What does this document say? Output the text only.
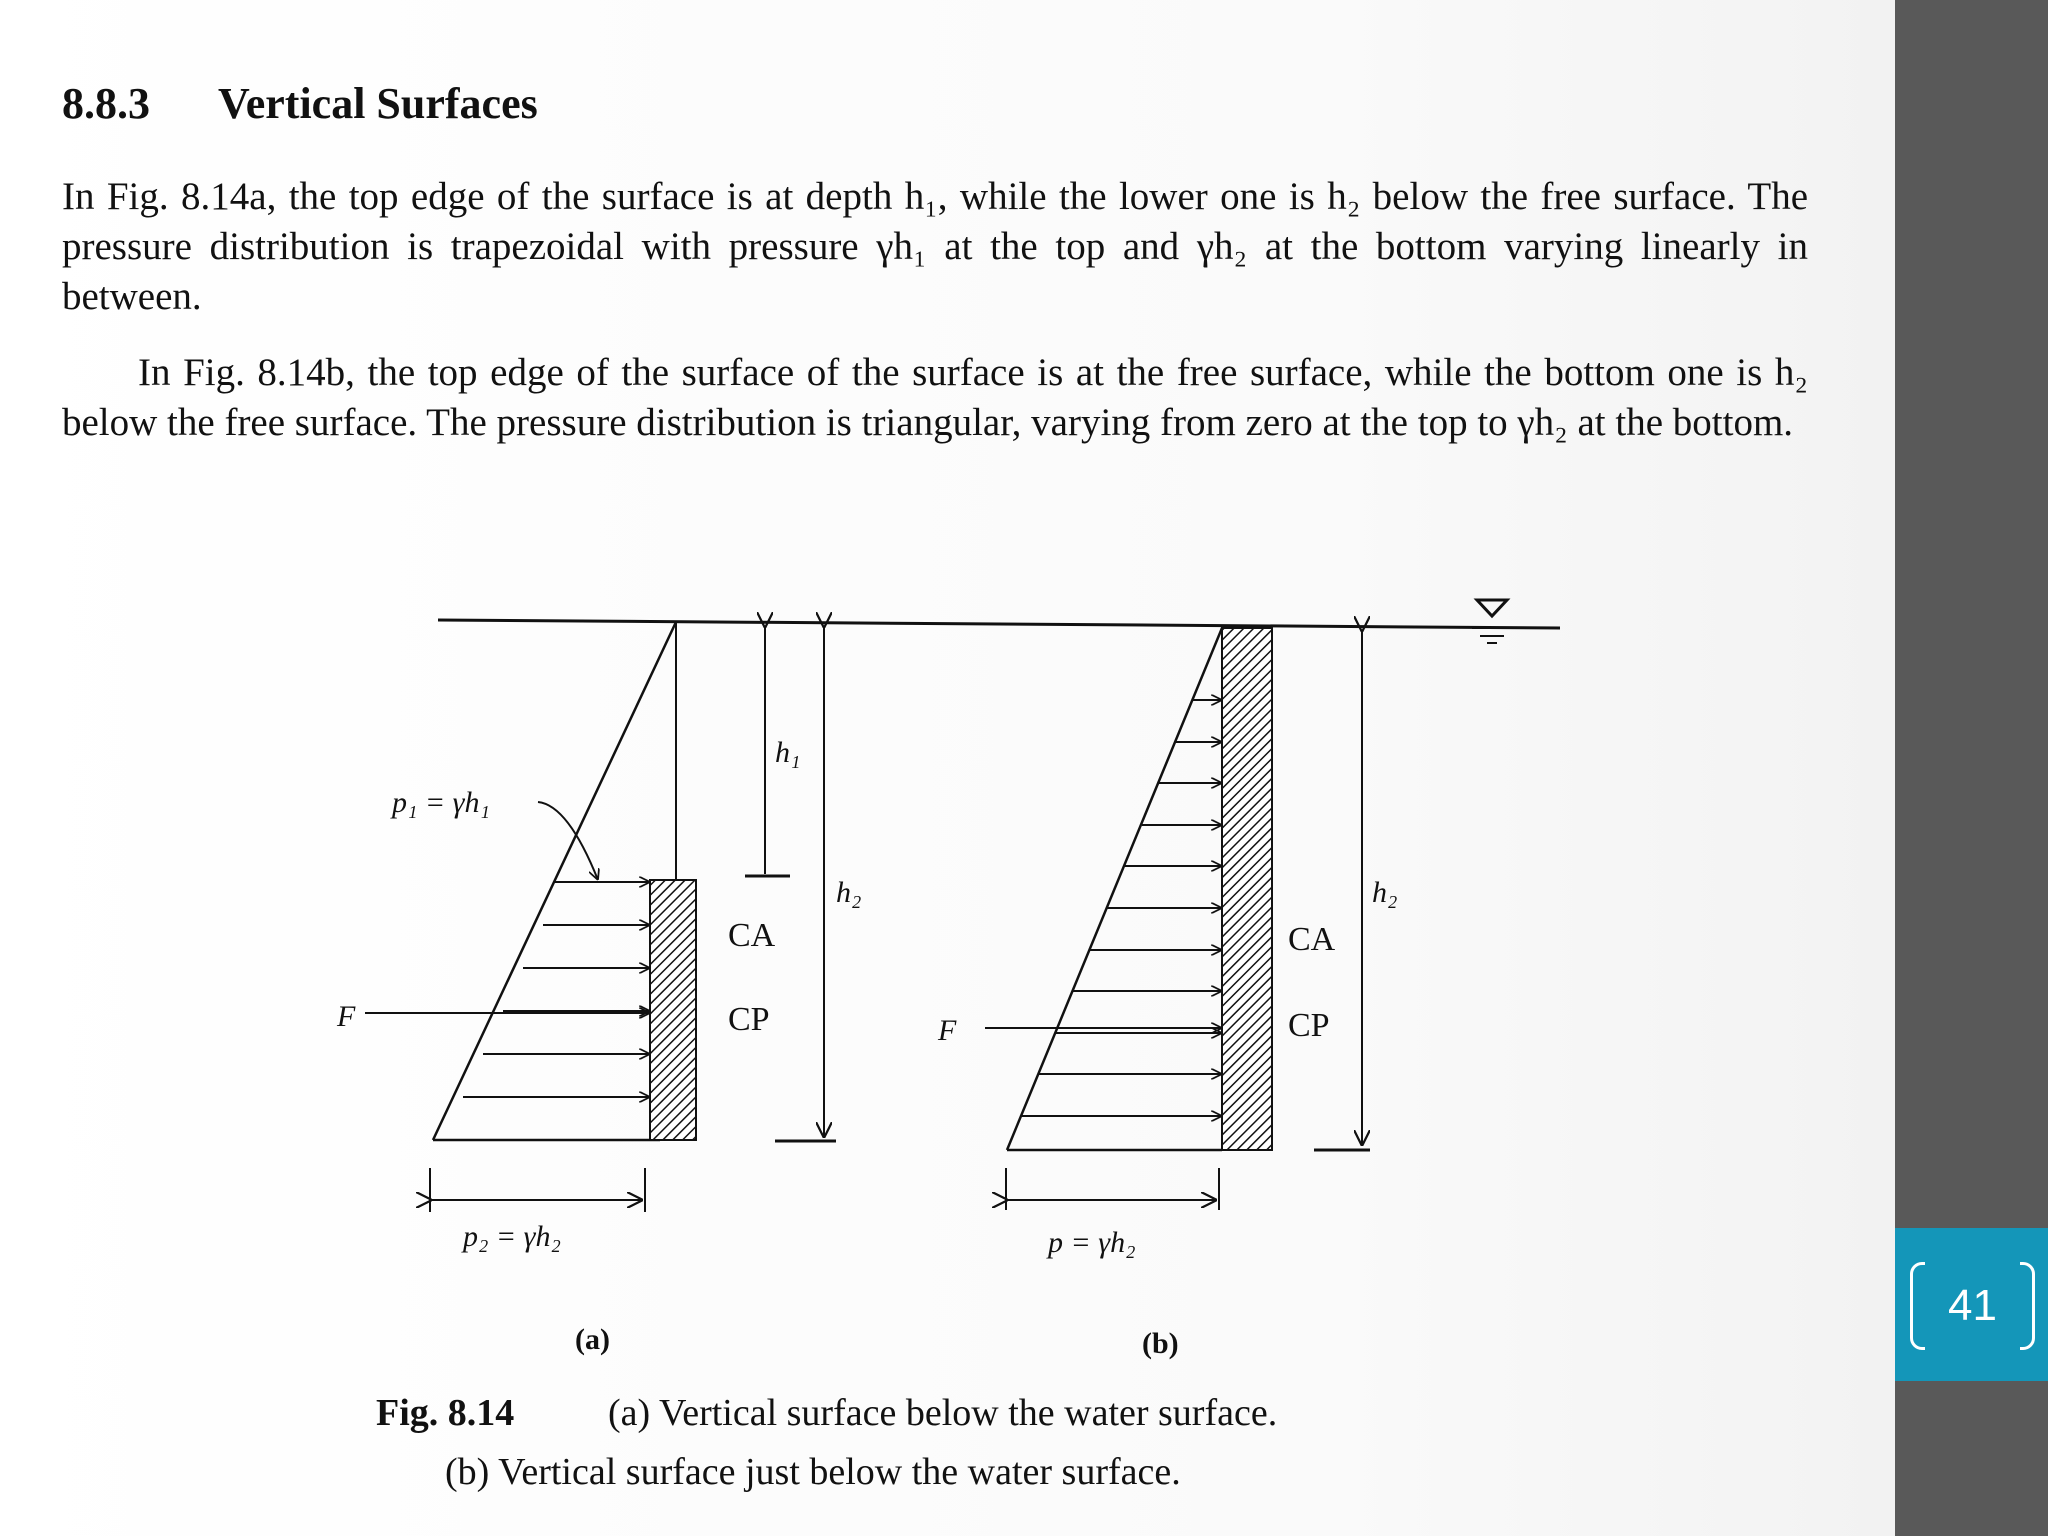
41
8.8.3 Vertical Surfaces
In Fig. 8.14a, the top edge of the surface is at depth h₁, while the lower one is h₂ below the free surface. The pressure distribution is trapezoidal with pressure γh₁ at the top and γh₂ at the bottom varying linearly in between.
In Fig. 8.14b, the top edge of the surface of the surface is at the free surface, while the bottom one is h₂ below the free surface. The pressure distribution is triangular, varying from zero at the top to γh₂ at the bottom.
p₁ = γh₁
p₂ = γh₂
F
h₁
h₂
CA
CP
(a)
p = γh₂
F
h₂
CA
CP
(b)
Fig. 8.14 (a) Vertical surface below the water surface.
(b) Vertical surface just below the water surface.
